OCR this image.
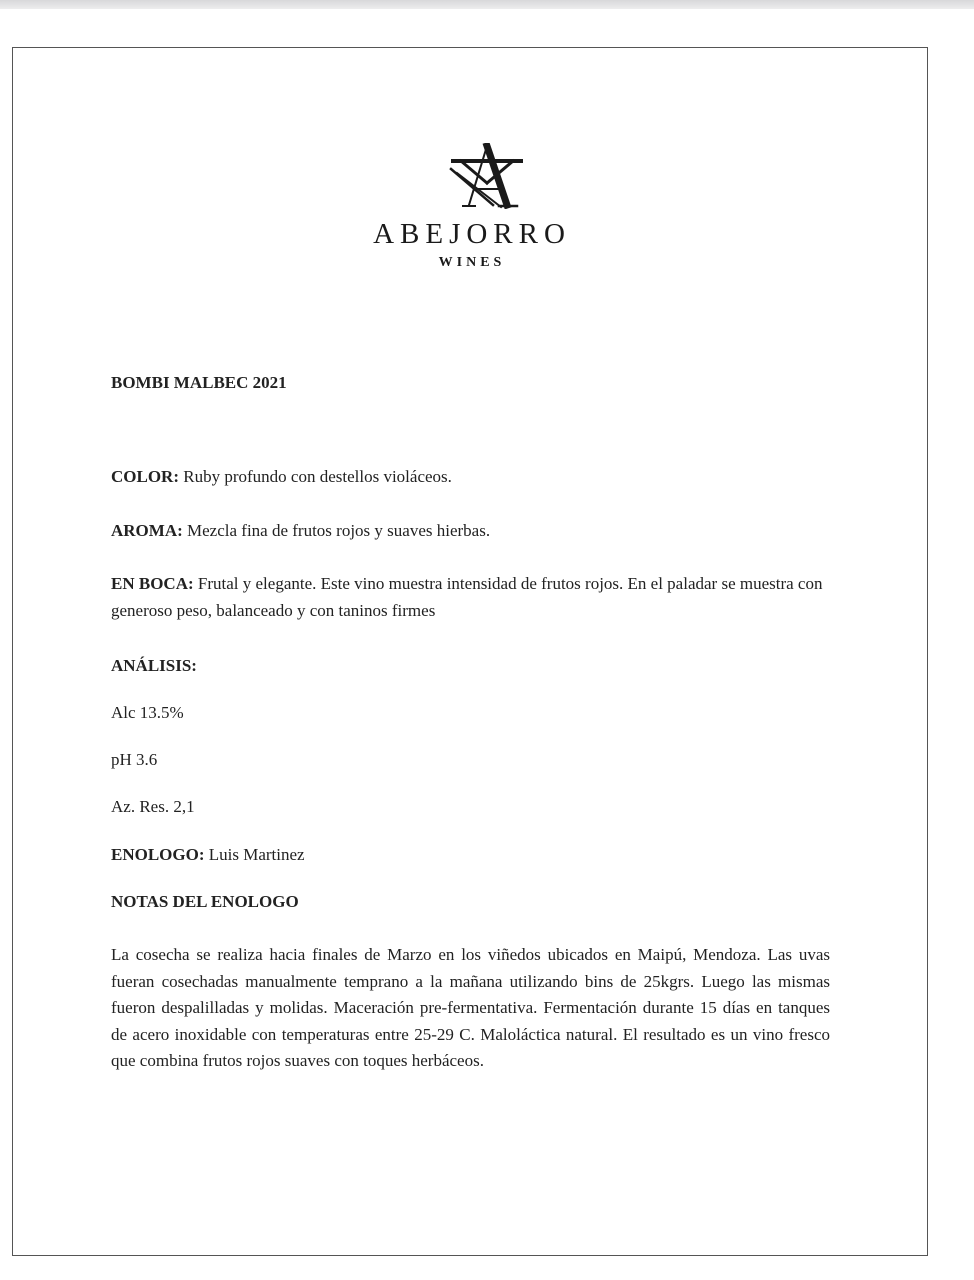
ABEJORRO
WINES
BOMBI MALBEC 2021
COLOR: Ruby profundo con destellos violáceos.
AROMA: Mezcla fina de frutos rojos y suaves hierbas.
EN BOCA: Frutal y elegante. Este vino muestra intensidad de frutos rojos. En el paladar se muestra con generoso peso, balanceado y con taninos firmes
ANÁLISIS:
Alc 13.5%
pH 3.6
Az. Res. 2,1
ENOLOGO: Luis Martinez
NOTAS DEL ENOLOGO
La cosecha se realiza hacia finales de Marzo en los viñedos ubicados en Maipú, Mendoza. Las uvas fueran cosechadas manualmente temprano a la mañana utilizando bins de 25kgrs. Luego las mismas fueron despalilladas y molidas. Maceración pre-fermentativa. Fermentación durante 15 días en tanques de acero inoxidable con temperaturas entre 25-29 C. Maloláctica natural. El resultado es un vino fresco que combina frutos rojos suaves con toques herbáceos.
